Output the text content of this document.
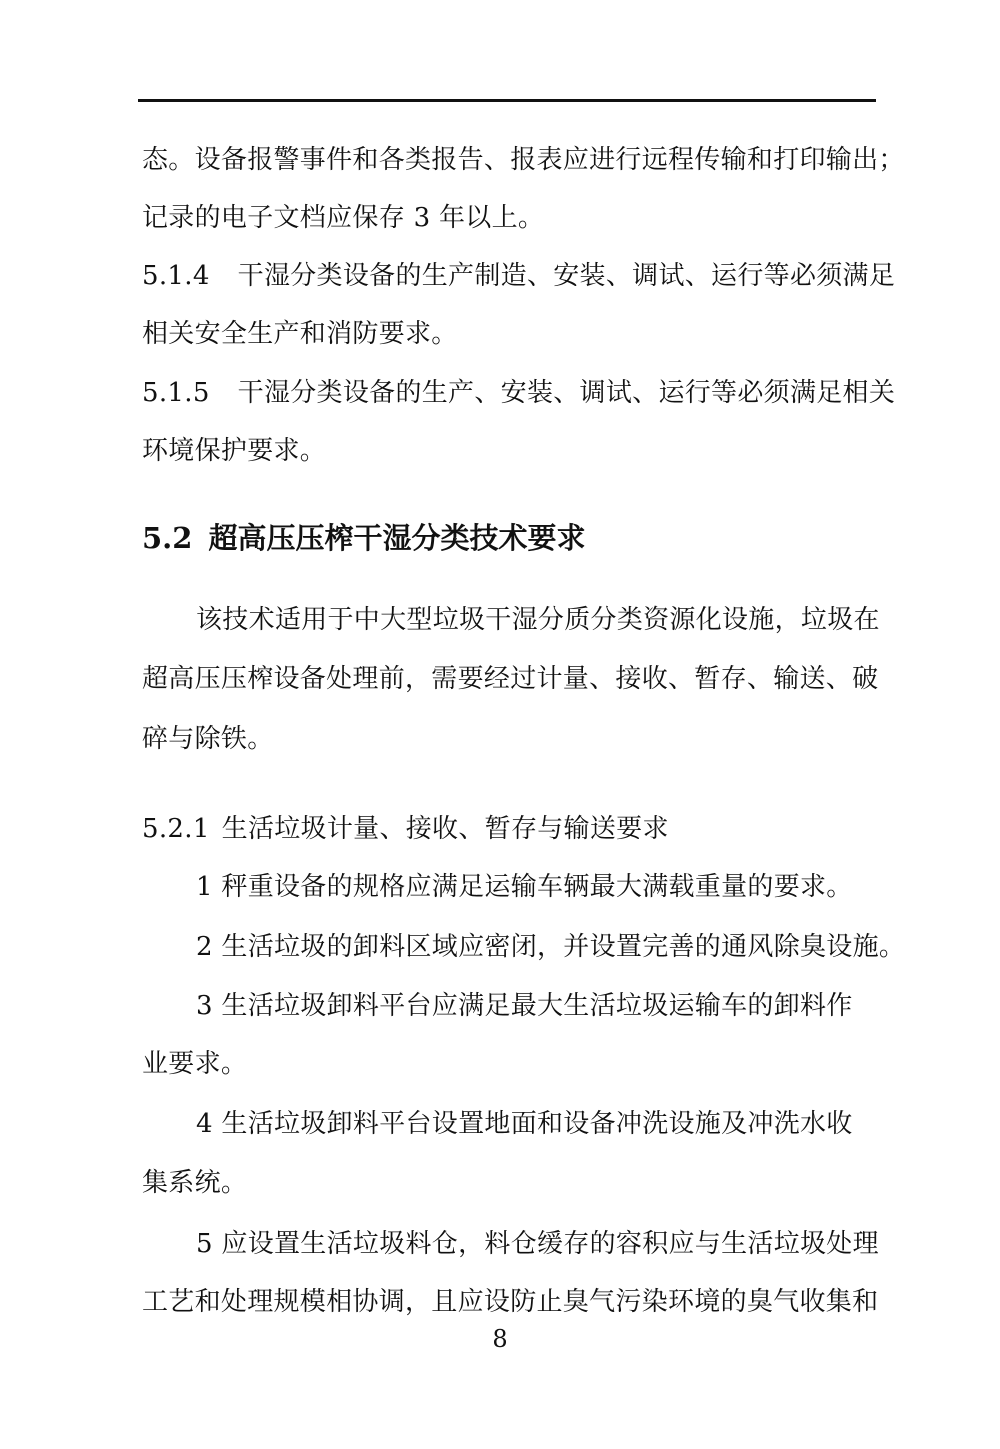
态。设备报警事件和各类报告、报表应进行远程传输和打印输出；
记录的电子文档应保存 3 年以上。
5.1.4 干湿分类设备的生产制造、安装、调试、运行等必须满足
相关安全生产和消防要求。
5.1.5 干湿分类设备的生产、安装、调试、运行等必须满足相关
环境保护要求。
5.2 超高压压榨干湿分类技术要求
该技术适用于中大型垃圾干湿分质分类资源化设施，垃圾在
超高压压榨设备处理前，需要经过计量、接收、暂存、输送、破
碎与除铁。
5.2.1 生活垃圾计量、接收、暂存与输送要求
1 秤重设备的规格应满足运输车辆最大满载重量的要求。
2 生活垃圾的卸料区域应密闭，并设置完善的通风除臭设施。
3 生活垃圾卸料平台应满足最大生活垃圾运输车的卸料作
业要求。
4 生活垃圾卸料平台设置地面和设备冲洗设施及冲洗水收
集系统。
5 应设置生活垃圾料仓，料仓缓存的容积应与生活垃圾处理
工艺和处理规模相协调，且应设防止臭气污染环境的臭气收集和
8
